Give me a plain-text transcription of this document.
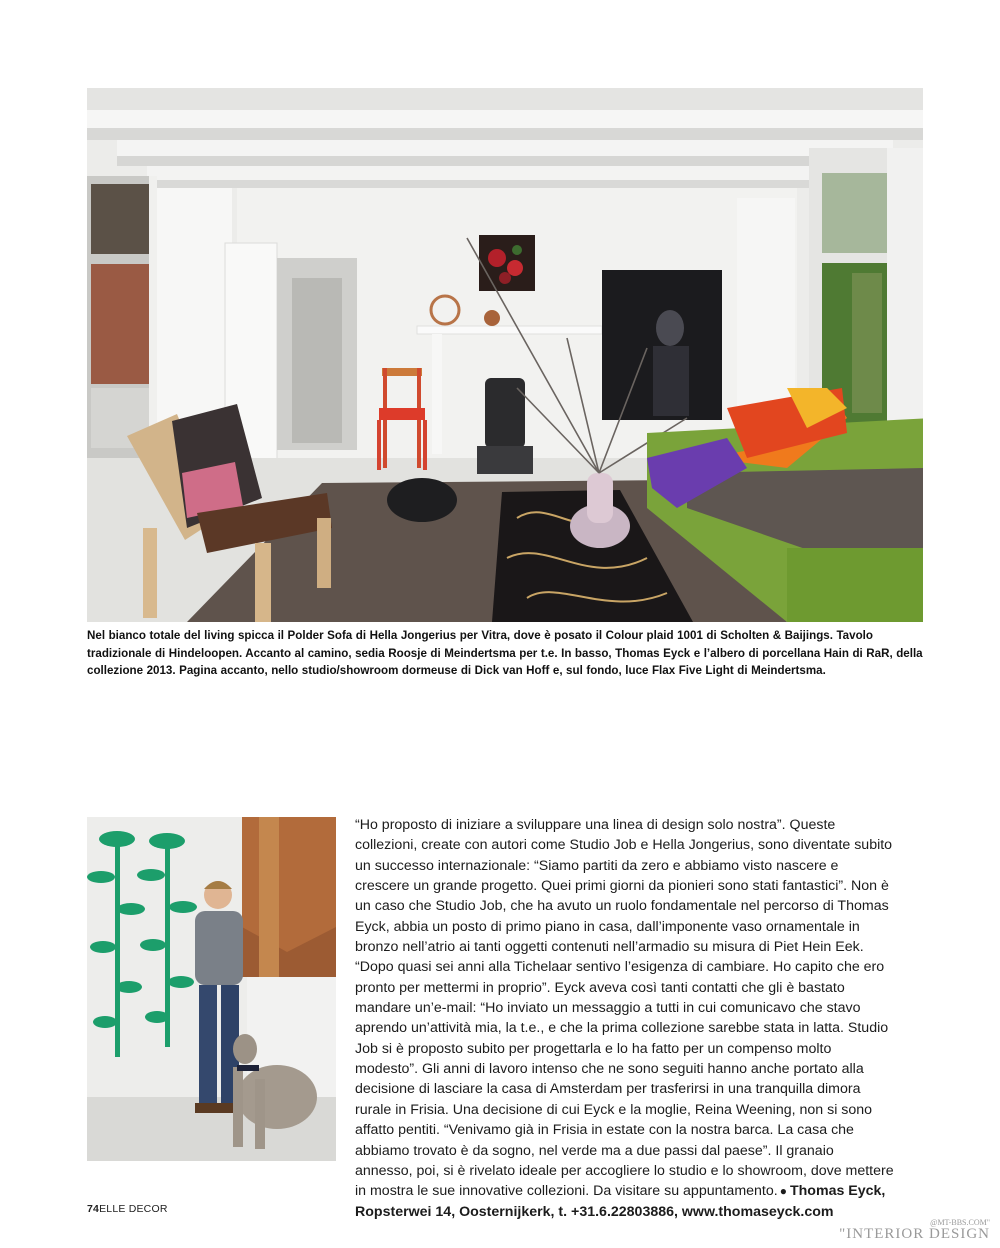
Nel bianco totale del living spicca il Polder Sofa di Hella Jongerius per Vitra, dove è posato il Colour plaid 1001 di Scholten & Baijings. Tavolo tradizionale di Hindeloopen. Accanto al camino, sedia Roosje di Meindertsma per t.e. In basso, Thomas Eyck e l’albero di porcellana Hain di RaR, della collezione 2013. Pagina accanto, nello studio/showroom dormeuse di Dick van Hoff e, sul fondo, luce Flax Five Light di Meindertsma.

“Ho proposto di iniziare a sviluppare una linea di design solo nostra”. Queste collezioni, create con autori come Studio Job e Hella Jongerius, sono diventate subito un successo internazionale: “Siamo partiti da zero e abbiamo visto nascere e crescere un grande progetto. Quei primi giorni da pionieri sono stati fantastici”. Non è un caso che Studio Job, che ha avuto un ruolo fondamentale nel percorso di Thomas Eyck, abbia un posto di primo piano in casa, dall’imponente vaso ornamentale in bronzo nell’atrio ai tanti oggetti contenuti nell’armadio su misura di Piet Hein Eek. “Dopo quasi sei anni alla Tichelaar sentivo l’esigenza di cambiare. Ho capito che ero pronto per mettermi in proprio”. Eyck aveva così tanti contatti che gli è bastato mandare un’e-mail: “Ho inviato un messaggio a tutti in cui comunicavo che stavo aprendo un’attività mia, la t.e., e che la prima collezione sarebbe stata in latta. Studio Job si è proposto subito per progettarla e lo ha fatto per un compenso molto modesto”. Gli anni di lavoro intenso che ne sono seguiti hanno anche portato alla decisione di lasciare la casa di Amsterdam per trasferirsi in una tranquilla dimora rurale in Frisia. Una decisione di cui Eyck e la moglie, Reina Weening, non si sono affatto pentiti. “Venivamo già in Frisia in estate con la nostra barca. La casa che abbiamo trovato è da sogno, nel verde ma a due passi dal paese”. Il granaio annesso, poi, si è rivelato ideale per accogliere lo studio e lo showroom, dove mettere in mostra le sue innovative collezioni. Da visitare su appuntamento. ● Thomas Eyck, Ropsterwei 14, Oosternijkerk, t. +31.6.22803886, www.thomaseyck.com

74ELLE DECOR
@MT-BBS.COM"
"INTERIOR DESIGN
